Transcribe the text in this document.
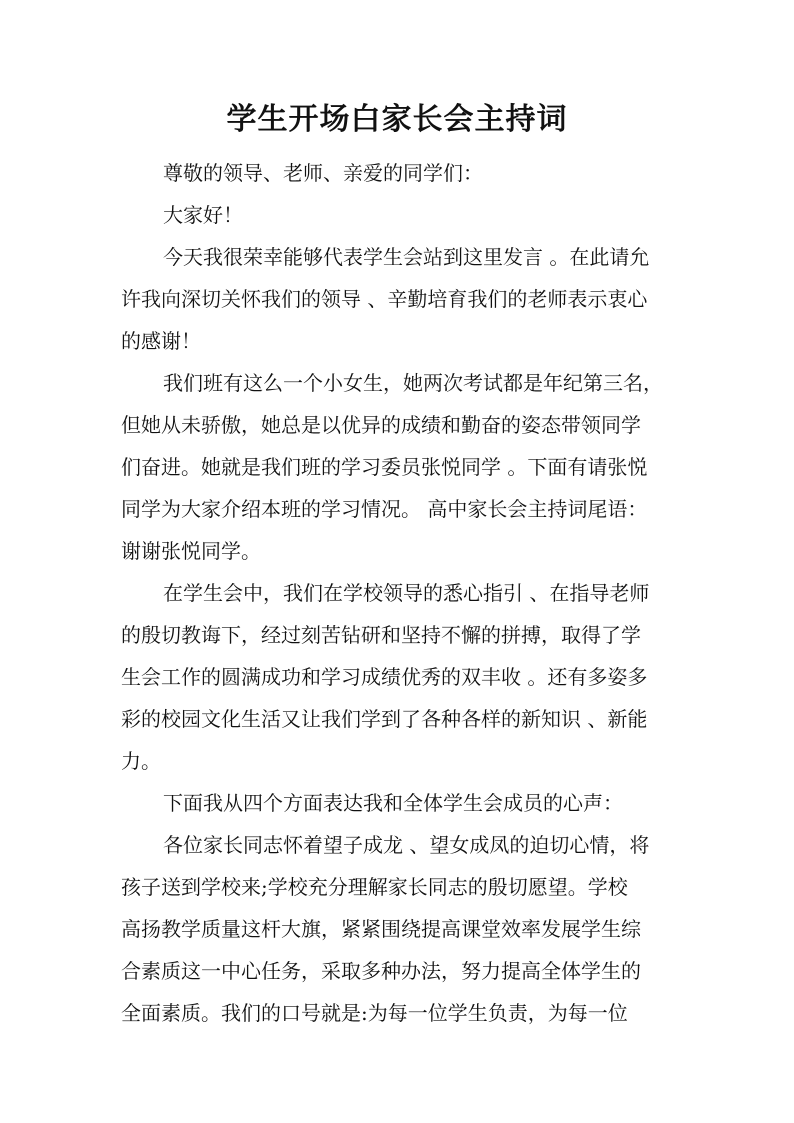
学生开场白家长会主持词

尊敬的领导、老师、亲爱的同学们：

大家好！

今天我很荣幸能够代表学生会站到这里发言 。在此请允

许我向深切关怀我们的领导 、辛勤培育我们的老师表示衷心

的感谢！

我们班有这么一个小女生，她两次考试都是年纪第三名，

但她从未骄傲，她总是以优异的成绩和勤奋的姿态带领同学

们奋进。她就是我们班的学习委员张悦同学 。下面有请张悦

同学为大家介绍本班的学习情况。 高中家长会主持词尾语：

谢谢张悦同学。

在学生会中，我们在学校领导的悉心指引 、在指导老师

的殷切教诲下，经过刻苦钻研和坚持不懈的拼搏，取得了学

生会工作的圆满成功和学习成绩优秀的双丰收 。还有多姿多

彩的校园文化生活又让我们学到了各种各样的新知识 、新能

力。

下面我从四个方面表达我和全体学生会成员的心声：

各位家长同志怀着望子成龙 、望女成凤的迫切心情，将

孩子送到学校来;学校充分理解家长同志的殷切愿望。学校

高扬教学质量这杆大旗，紧紧围绕提高课堂效率发展学生综

合素质这一中心任务，采取多种办法，努力提高全体学生的

全面素质。我们的口号就是:为每一位学生负责，为每一位
